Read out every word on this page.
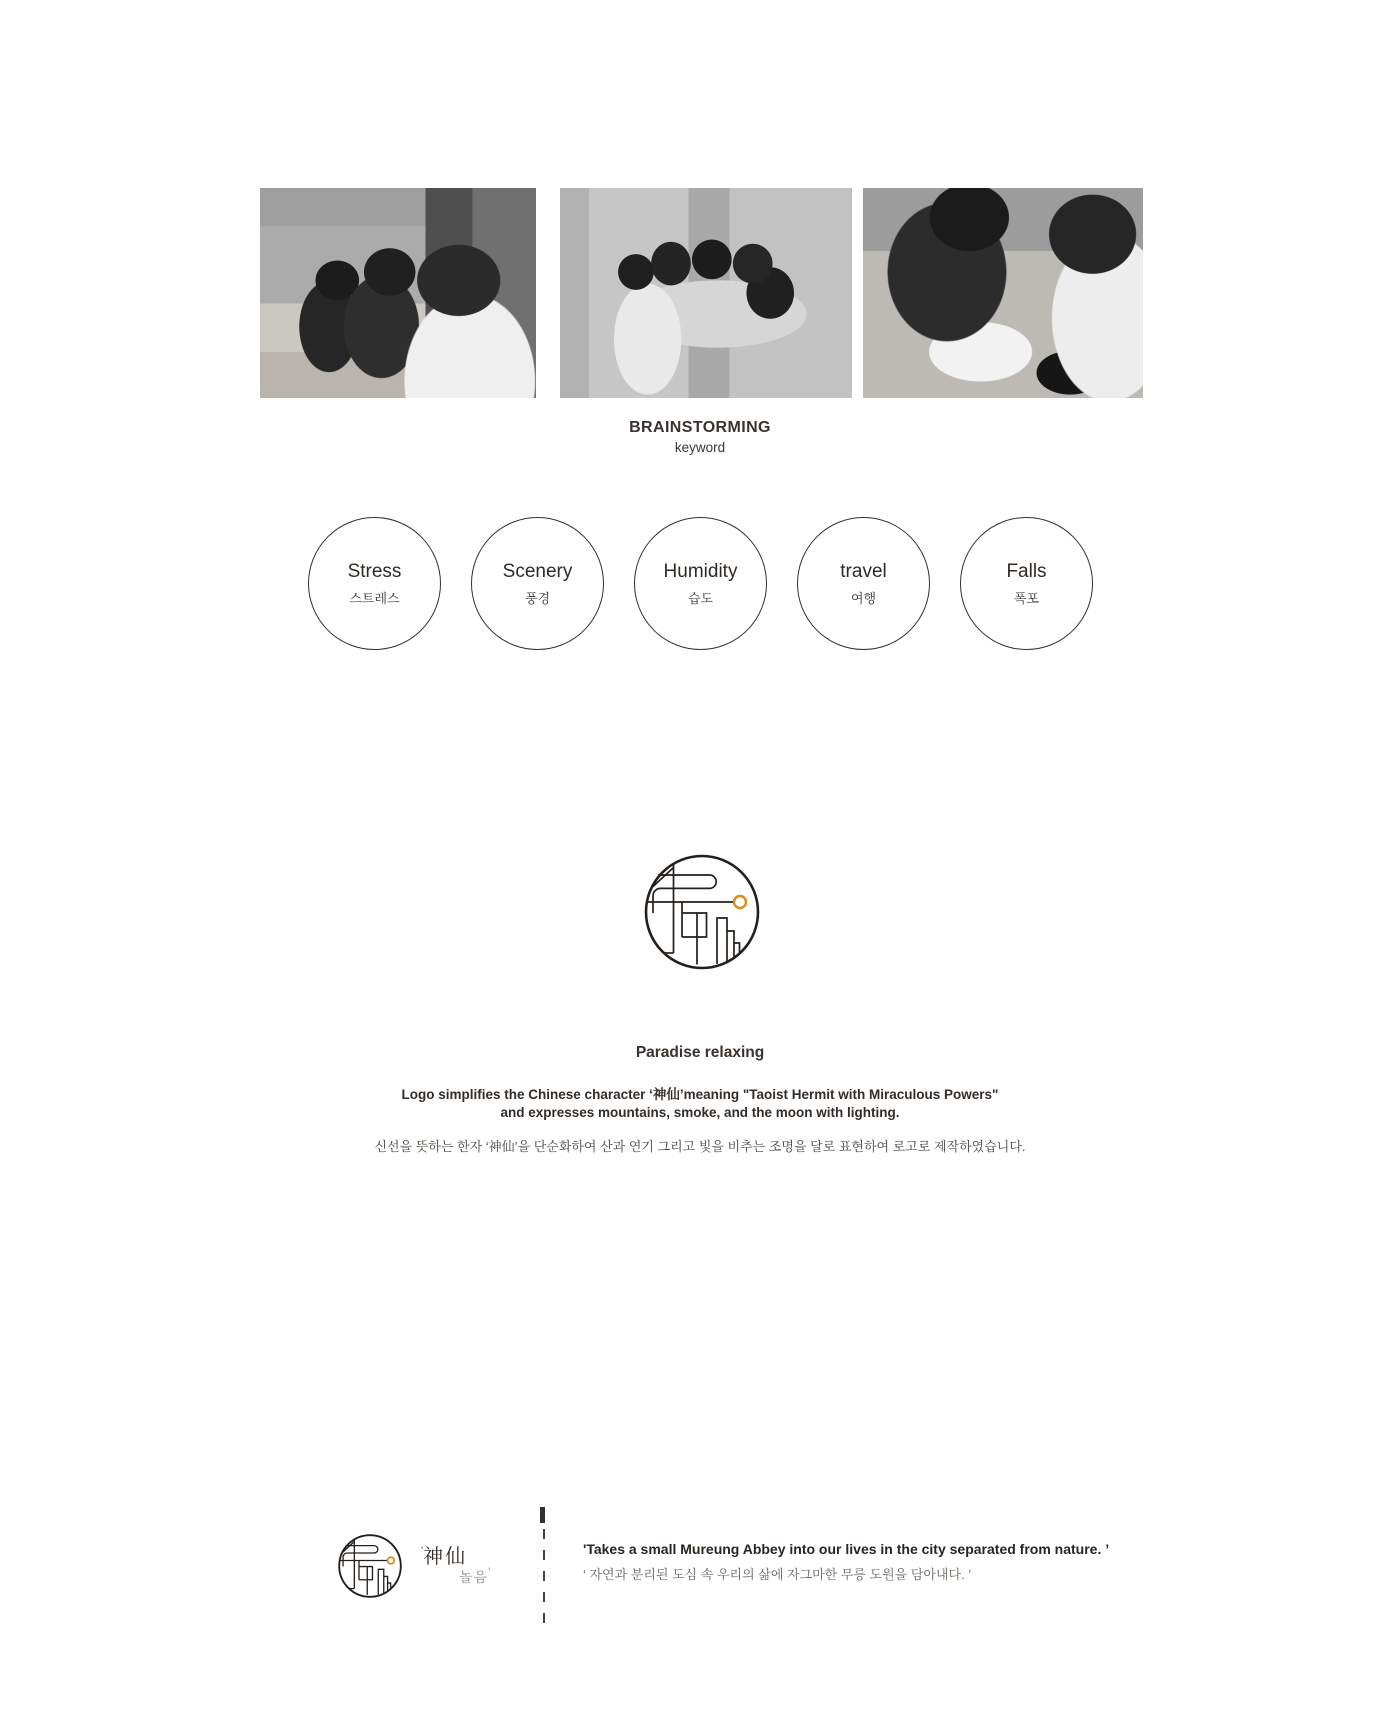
BRAINSTORMING
keyword
Stress
스트레스
Scenery
풍경
Humidity
습도
travel
여행
Falls
폭포
Paradise relaxing
Logo simplifies the Chinese character ‘神仙’meaning "Taoist Hermit with Miraculous Powers"
and expresses mountains, smoke, and the moon with lighting.
신선을 뜻하는 한자 ‘神仙’을 단순화하여 산과 연기 그리고 빛을 비추는 조명을 달로 표현하여 로고로 제작하였습니다.
'神仙
놀음'
'Takes a small Mureung Abbey into our lives in the city separated from nature. ’
‘ 자연과 분리된 도심 속 우리의 삶에 자그마한 무릉 도원을 담아내다. ’
